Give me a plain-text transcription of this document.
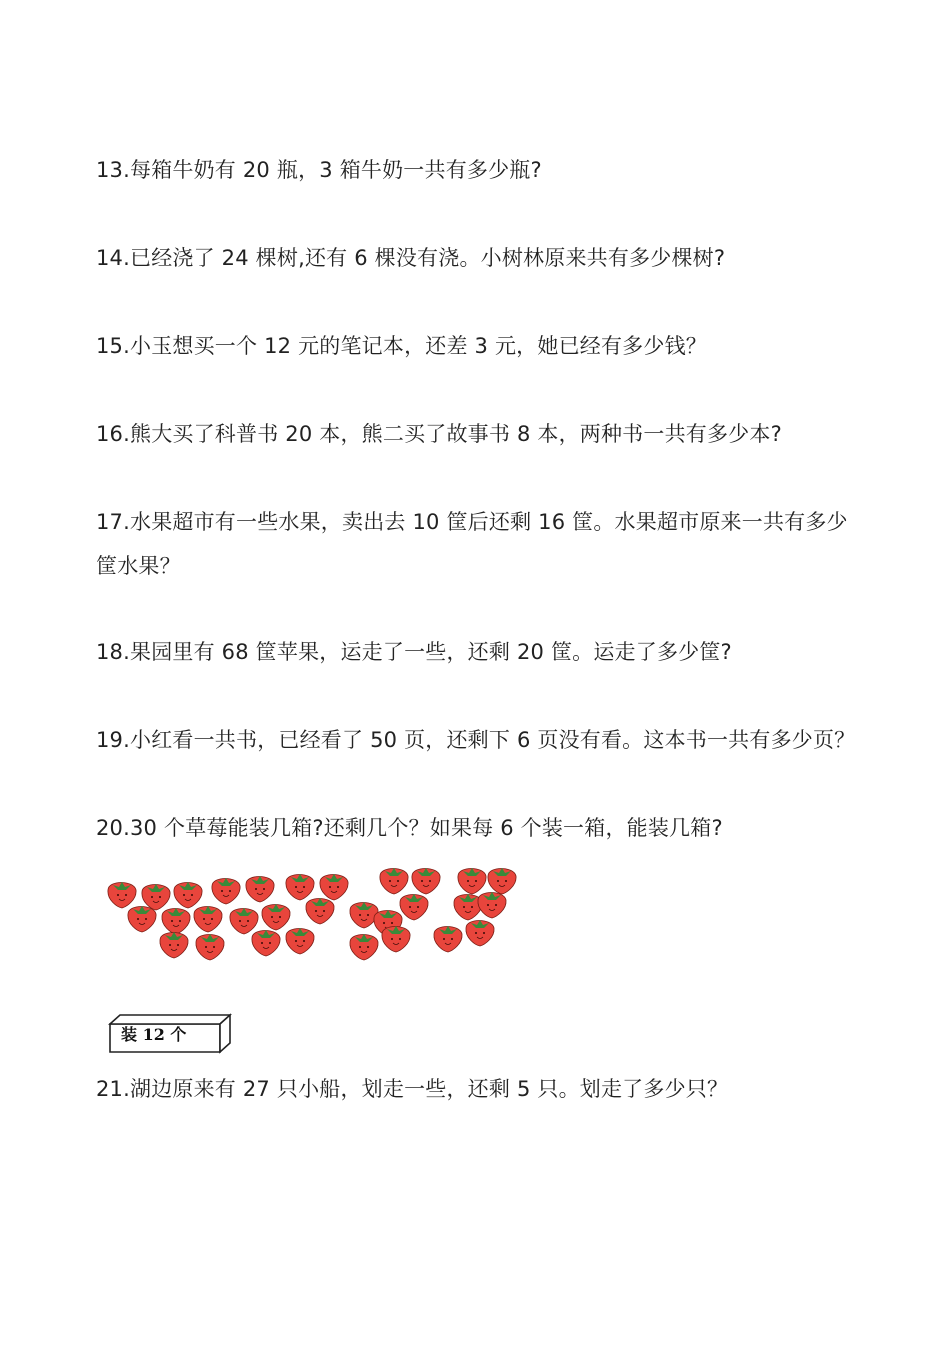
13.每箱牛奶有 20 瓶，3 箱牛奶一共有多少瓶?
14.已经浇了 24 棵树,还有 6 棵没有浇。小树林原来共有多少棵树?
15.小玉想买一个 12 元的笔记本，还差 3 元，她已经有多少钱？
16.熊大买了科普书 20 本，熊二买了故事书 8 本，两种书一共有多少本?
17.水果超市有一些水果，卖出去 10 筐后还剩 16 筐。水果超市原来一共有多少筐水果？
18.果园里有 68 筐苹果，运走了一些，还剩 20 筐。运走了多少筐?
19.小红看一共书，已经看了 50 页，还剩下 6 页没有看。这本书一共有多少页？
20.30 个草莓能装几箱?还剩几个？如果每 6 个装一箱，能装几箱?
装 12 个
21.湖边原来有 27 只小船，划走一些，还剩 5 只。划走了多少只？
